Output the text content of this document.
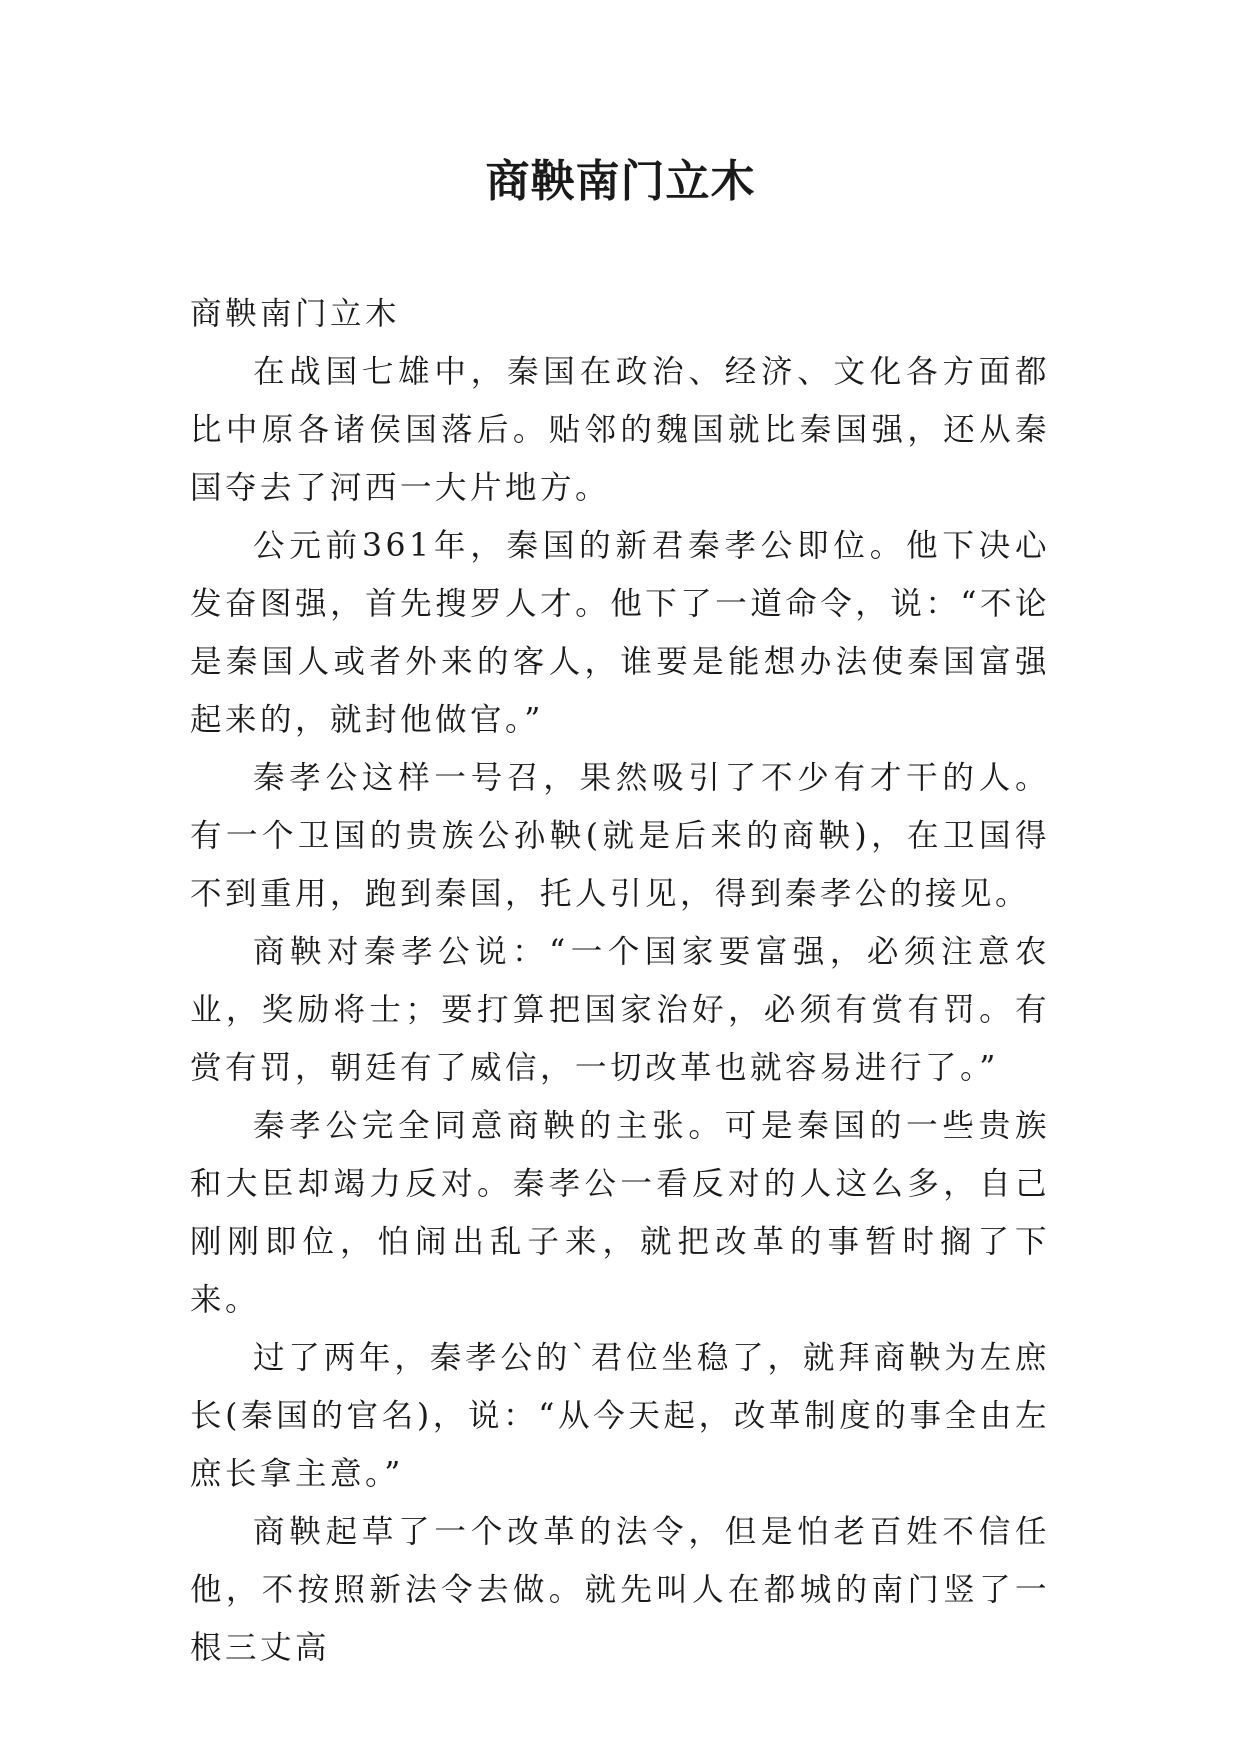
商鞅南门立木

商鞅南门立木

在战国七雄中，秦国在政治、经济、文化各方面都比中原各诸侯国落后。贴邻的魏国就比秦国强，还从秦国夺去了河西一大片地方。

公元前361年，秦国的新君秦孝公即位。他下决心发奋图强，首先搜罗人才。他下了一道命令，说：“不论是秦国人或者外来的客人，谁要是能想办法使秦国富强起来的，就封他做官。”

秦孝公这样一号召，果然吸引了不少有才干的人。有一个卫国的贵族公孙鞅(就是后来的商鞅)，在卫国得不到重用，跑到秦国，托人引见，得到秦孝公的接见。

商鞅对秦孝公说：“一个国家要富强，必须注意农业，奖励将士；要打算把国家治好，必须有赏有罚。有赏有罚，朝廷有了威信，一切改革也就容易进行了。”

秦孝公完全同意商鞅的主张。可是秦国的一些贵族和大臣却竭力反对。秦孝公一看反对的人这么多，自己刚刚即位，怕闹出乱子来，就把改革的事暂时搁了下来。

过了两年，秦孝公的`君位坐稳了，就拜商鞅为左庶长(秦国的官名)，说：“从今天起，改革制度的事全由左庶长拿主意。”

商鞅起草了一个改革的法令，但是怕老百姓不信任他，不按照新法令去做。就先叫人在都城的南门竖了一根三丈高
